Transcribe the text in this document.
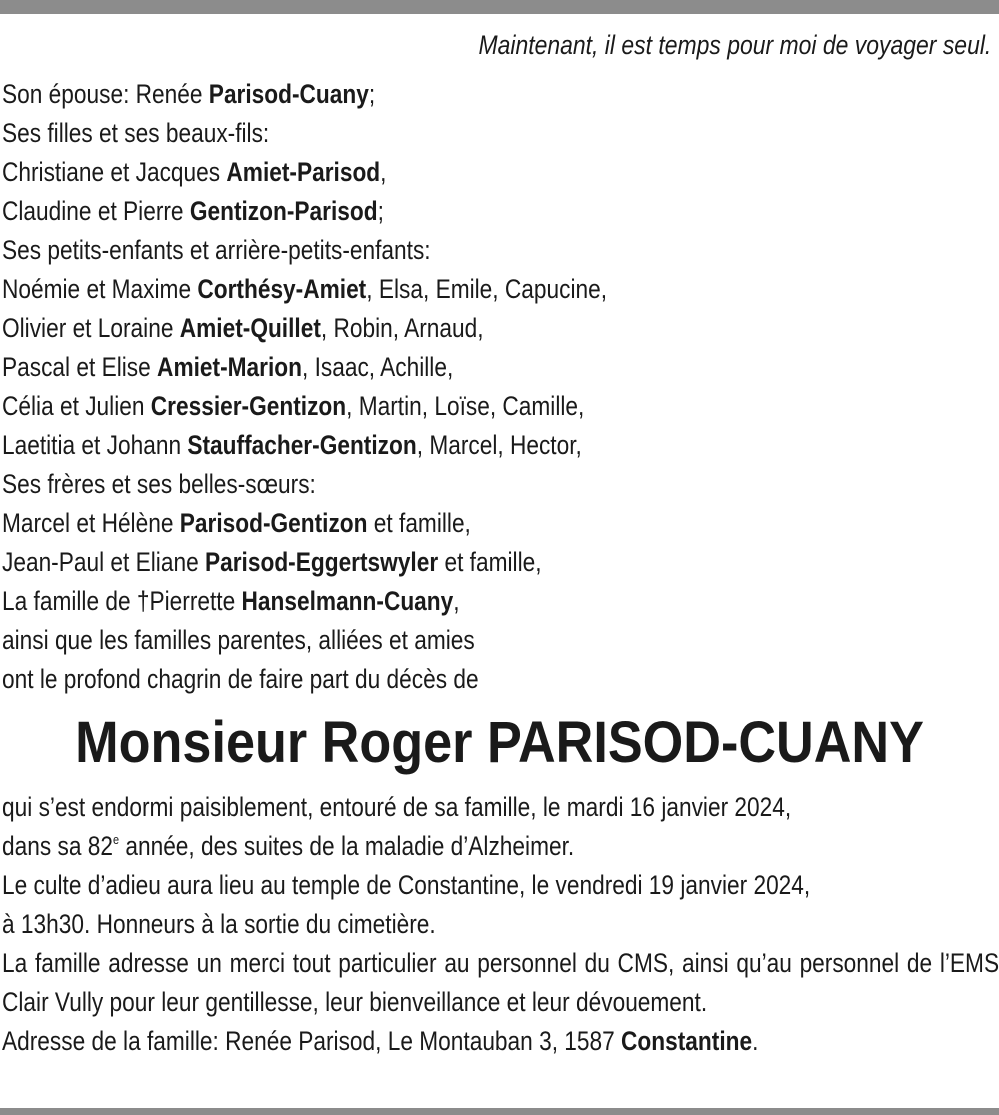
Maintenant, il est temps pour moi de voyager seul.
Son épouse: Renée Parisod-Cuany;
Ses filles et ses beaux-fils:
Christiane et Jacques Amiet-Parisod,
Claudine et Pierre Gentizon-Parisod;
Ses petits-enfants et arrière-petits-enfants:
Noémie et Maxime Corthésy-Amiet, Elsa, Emile, Capucine,
Olivier et Loraine Amiet-Quillet, Robin, Arnaud,
Pascal et Elise Amiet-Marion, Isaac, Achille,
Célia et Julien Cressier-Gentizon, Martin, Loïse, Camille,
Laetitia et Johann Stauffacher-Gentizon, Marcel, Hector,
Ses frères et ses belles-sœurs:
Marcel et Hélène Parisod-Gentizon et famille,
Jean-Paul et Eliane Parisod-Eggertswyler et famille,
La famille de †Pierrette Hanselmann-Cuany,
ainsi que les familles parentes, alliées et amies
ont le profond chagrin de faire part du décès de
Monsieur Roger PARISOD-CUANY
qui s’est endormi paisiblement, entouré de sa famille, le mardi 16 janvier 2024,
dans sa 82e année, des suites de la maladie d’Alzheimer.
Le culte d’adieu aura lieu au temple de Constantine, le vendredi 19 janvier 2024,
à 13h30. Honneurs à la sortie du cimetière.
La famille adresse un merci tout particulier au personnel du CMS, ainsi qu’au personnel de l’EMS Clair Vully pour leur gentillesse, leur bienveillance et leur dévouement.
Adresse de la famille: Renée Parisod, Le Montauban 3, 1587 Constantine.
